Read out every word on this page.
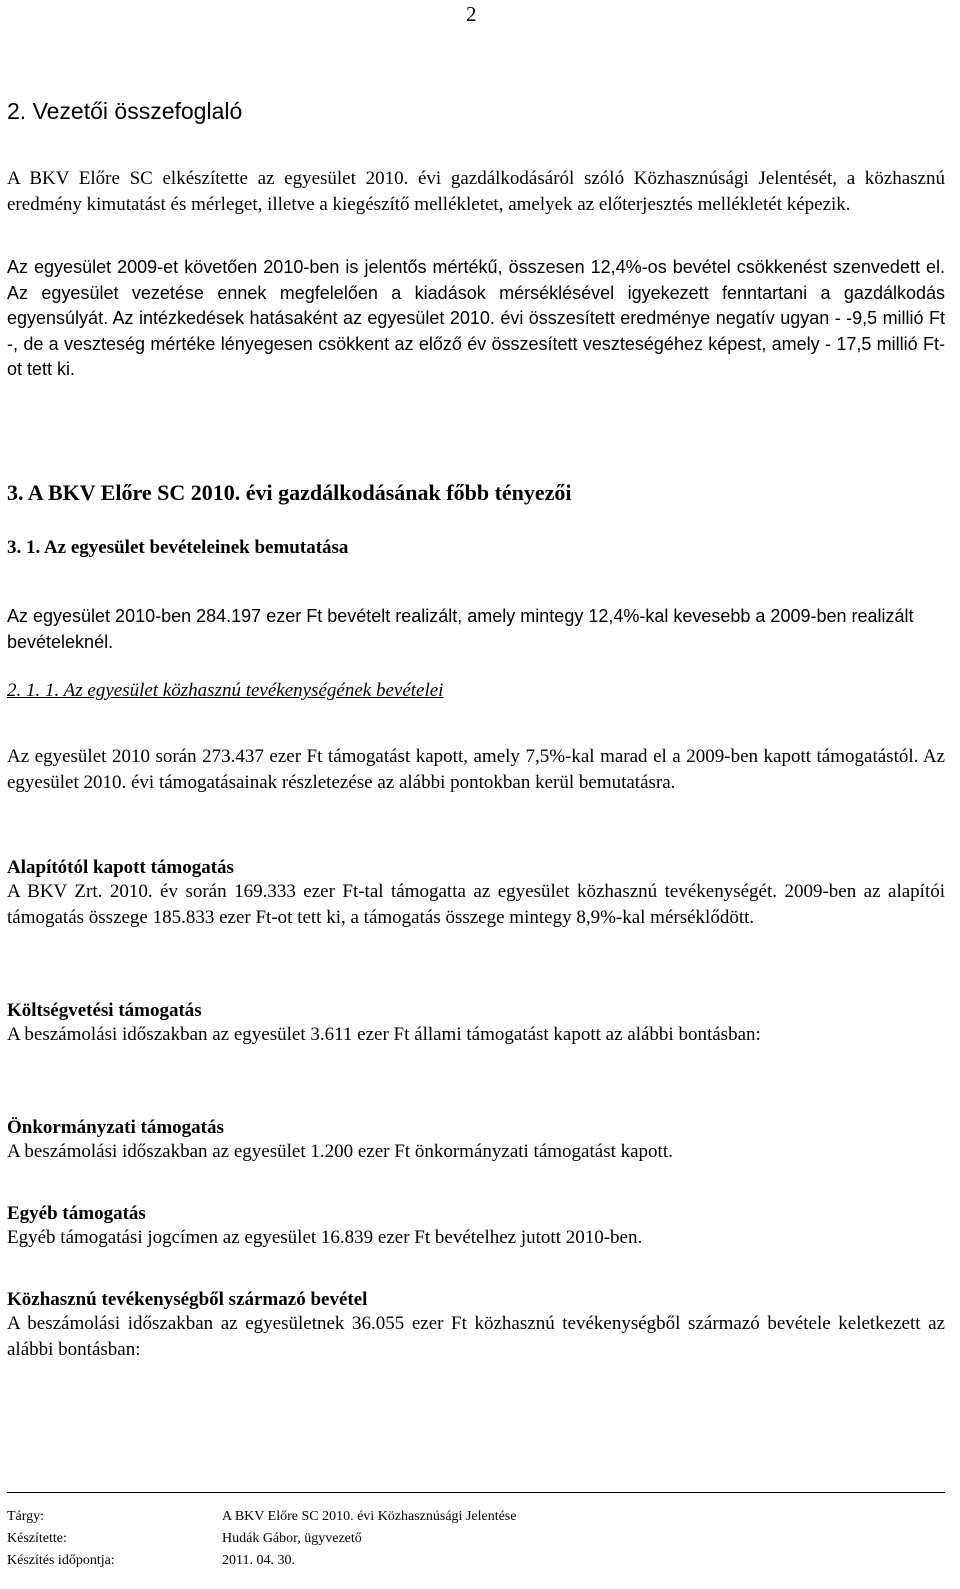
2
2. Vezetői összefoglaló
A BKV Előre SC elkészítette az egyesület 2010. évi gazdálkodásáról szóló Közhasznúsági Jelentését, a közhasznú eredmény kimutatást és mérleget, illetve a kiegészítő mellékletet, amelyek az előterjesztés mellékletét képezik.
Az egyesület 2009-et követően 2010-ben is jelentős mértékű, összesen 12,4%-os bevétel csökkenést szenvedett el. Az egyesület vezetése ennek megfelelően a kiadások mérséklésével igyekezett fenntartani a gazdálkodás egyensúlyát. Az intézkedések hatásaként az egyesület 2010. évi összesített eredménye negatív ugyan - -9,5 millió Ft -, de a veszteség mértéke lényegesen csökkent az előző év összesített veszteségéhez képest, amely - 17,5 millió Ft-ot tett ki.
3. A BKV Előre SC 2010. évi gazdálkodásának főbb tényezői
3. 1. Az egyesület bevételeinek bemutatása
Az egyesület 2010-ben 284.197 ezer Ft bevételt realizált, amely mintegy 12,4%-kal kevesebb a 2009-ben realizált bevételeknél.
2. 1. 1. Az egyesület közhasznú tevékenységének bevételei
Az egyesület 2010 során 273.437 ezer Ft támogatást kapott, amely 7,5%-kal marad el a 2009-ben kapott támogatástól. Az egyesület 2010. évi támogatásainak részletezése az alábbi pontokban kerül bemutatásra.
Alapítótól kapott támogatás
A BKV Zrt. 2010. év során 169.333 ezer Ft-tal támogatta az egyesület közhasznú tevékenységét. 2009-ben az alapítói támogatás összege 185.833 ezer Ft-ot tett ki, a támogatás összege mintegy 8,9%-kal mérséklődött.
Költségvetési támogatás
A beszámolási időszakban az egyesület 3.611 ezer Ft állami támogatást kapott az alábbi bontásban:
Önkormányzati támogatás
A beszámolási időszakban az egyesület 1.200 ezer Ft önkormányzati támogatást kapott.
Egyéb támogatás
Egyéb támogatási jogcímen az egyesület 16.839 ezer Ft bevételhez jutott 2010-ben.
Közhasznú tevékenységből származó bevétel
A beszámolási időszakban az egyesületnek 36.055 ezer Ft közhasznú tevékenységből származó bevétele keletkezett az alábbi bontásban:
Tárgy:	A BKV Előre SC 2010. évi Közhasznúsági Jelentése
Készítette:	Hudák Gábor, ügyvezető
Készítés időpontja:	2011. 04. 30.
